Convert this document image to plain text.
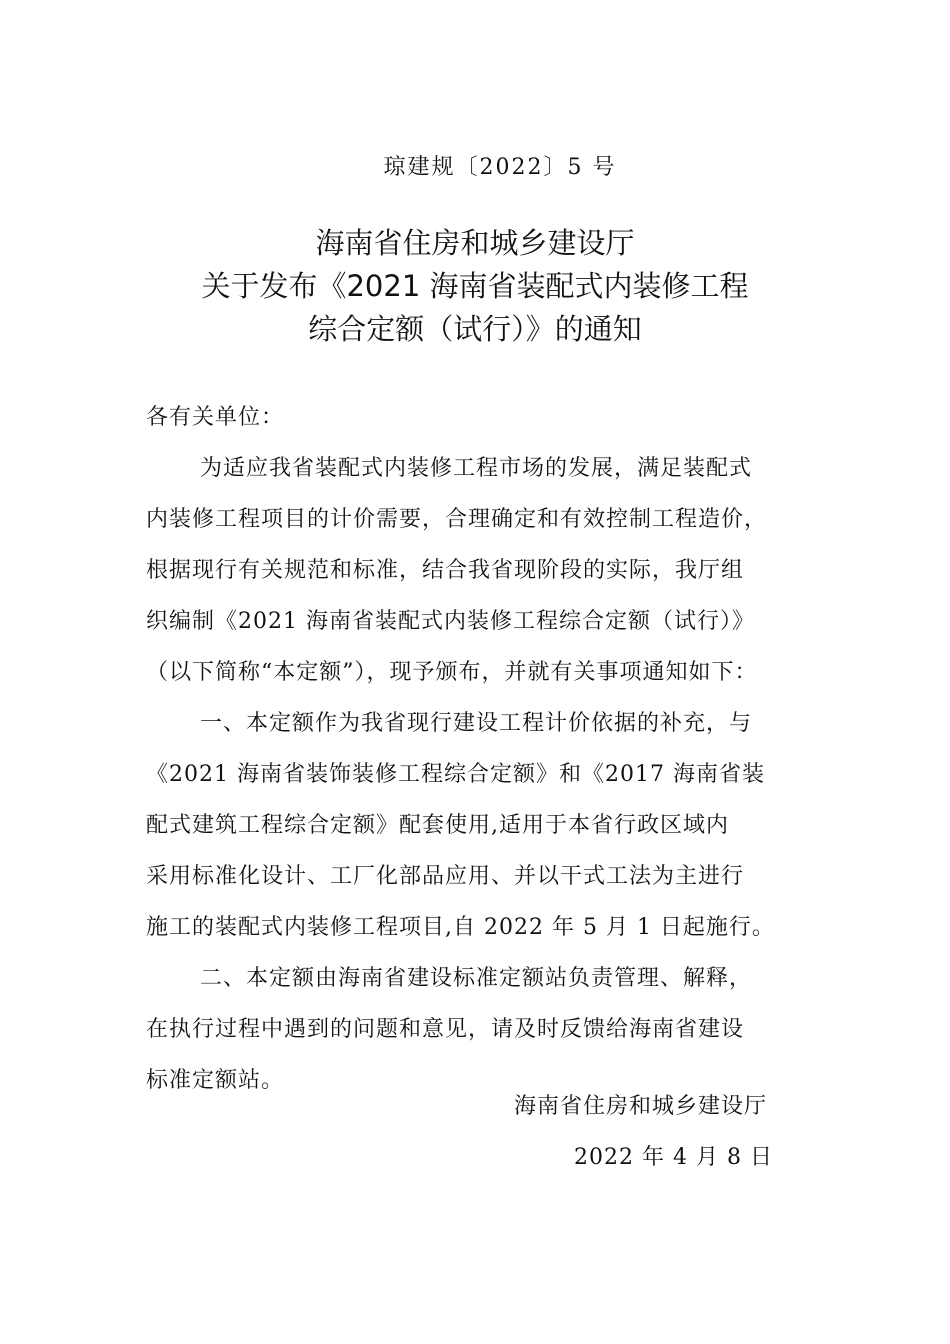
琼建规〔2022〕5 号
海南省住房和城乡建设厅
关于发布《2021 海南省装配式内装修工程
综合定额（试行）》的通知
各有关单位：
为适应我省装配式内装修工程市场的发展，满足装配式
内装修工程项目的计价需要，合理确定和有效控制工程造价，
根据现行有关规范和标准，结合我省现阶段的实际，我厅组
织编制《2021 海南省装配式内装修工程综合定额（试行）》
（以下简称“本定额”），现予颁布，并就有关事项通知如下：
一、本定额作为我省现行建设工程计价依据的补充，与
《2021 海南省装饰装修工程综合定额》和《2017 海南省装
配式建筑工程综合定额》配套使用,适用于本省行政区域内
采用标准化设计、工厂化部品应用、并以干式工法为主进行
施工的装配式内装修工程项目,自 2022 年 5 月 1 日起施行。
二、本定额由海南省建设标准定额站负责管理、解释，
在执行过程中遇到的问题和意见，请及时反馈给海南省建设
标准定额站。
海南省住房和城乡建设厅
2022 年 4 月 8 日
